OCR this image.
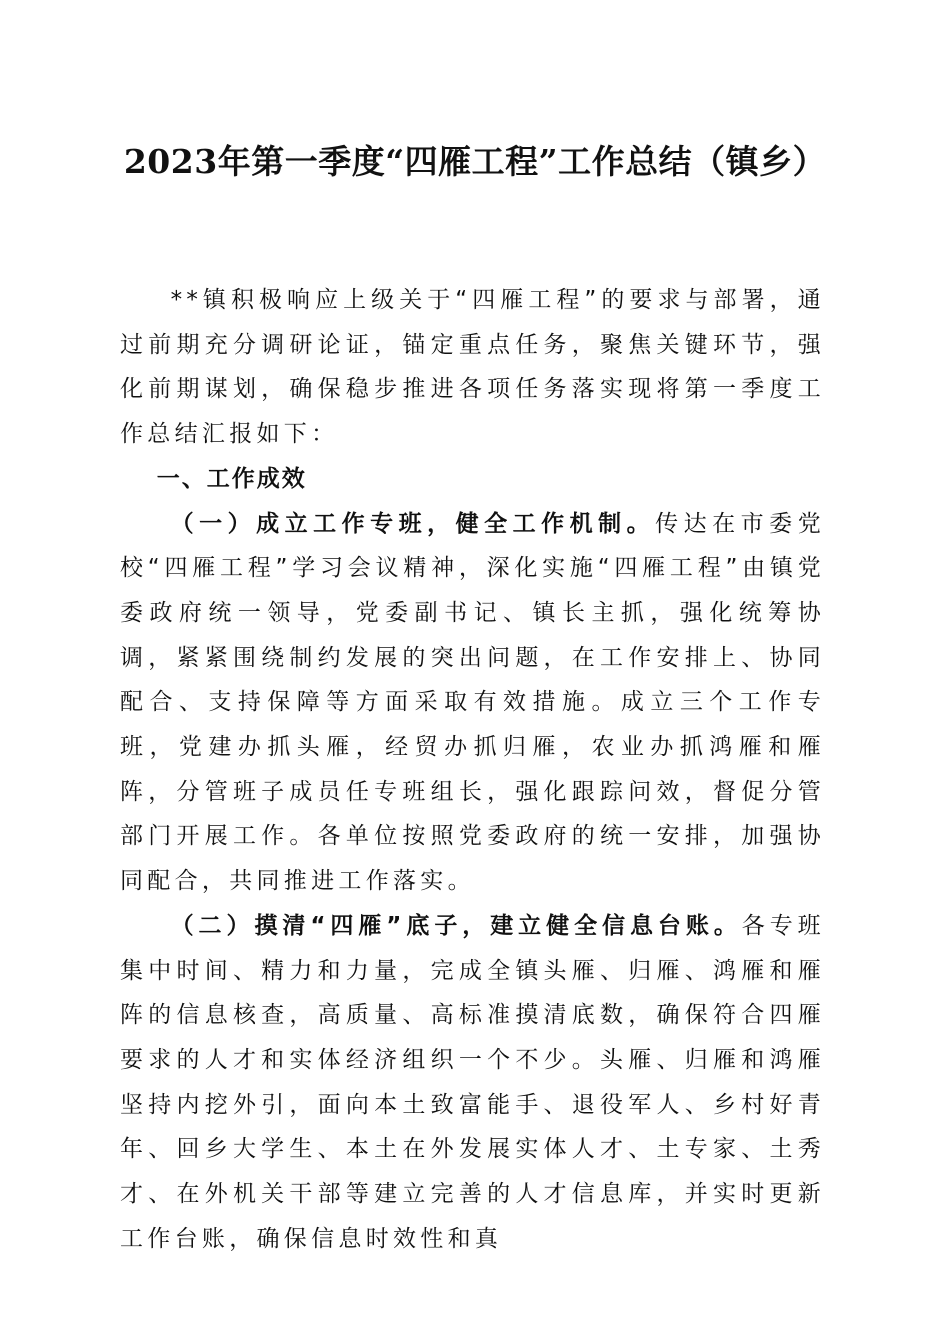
2023年第一季度“四雁工程”工作总结（镇乡）

**镇积极响应上级关于“四雁工程”的要求与部署，通过前期充分调研论证，锚定重点任务，聚焦关键环节，强化前期谋划，确保稳步推进各项任务落实现将第一季度工作总结汇报如下：

一、工作成效

（一）成立工作专班，健全工作机制。传达在市委党校“四雁工程”学习会议精神，深化实施“四雁工程”由镇党委政府统一领导，党委副书记、镇长主抓，强化统筹协调，紧紧围绕制约发展的突出问题，在工作安排上、协同配合、支持保障等方面采取有效措施。成立三个工作专班，党建办抓头雁，经贸办抓归雁，农业办抓鸿雁和雁阵，分管班子成员任专班组长，强化跟踪问效，督促分管部门开展工作。各单位按照党委政府的统一安排，加强协同配合，共同推进工作落实。

（二）摸清“四雁”底子，建立健全信息台账。各专班集中时间、精力和力量，完成全镇头雁、归雁、鸿雁和雁阵的信息核查，高质量、高标准摸清底数，确保符合四雁要求的人才和实体经济组织一个不少。头雁、归雁和鸿雁坚持内挖外引，面向本土致富能手、退役军人、乡村好青年、回乡大学生、本土在外发展实体人才、土专家、土秀才、在外机关干部等建立完善的人才信息库，并实时更新工作台账，确保信息时效性和真
